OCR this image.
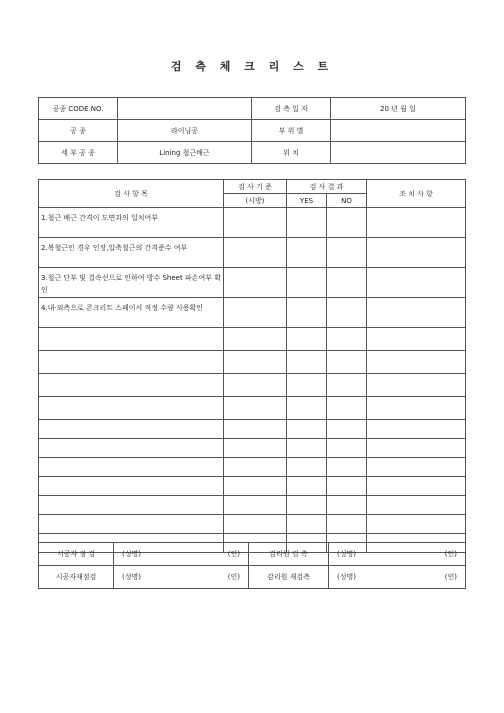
검 측 체 크 리 스 트
공종 CODE NO.		검 측 일 자	20 년 월 일
공 종	라이닝공	부 위 별	
세 부 공 종	Lining 철근배근	위 치	
검 사 항 목	검 사 기 준	검 사 결 과		조 치 사 항
	(시방)	YES	NO	
1.철근 배근 간격이 도면과의 일치여부				
2.복철근인 경우 인장,압축철근의 간격준수 여부				
3.철근 단부 및 결속선으로 인하여 방수 Sheet 파손여부 확인				
4.내·외측으로 콘크리트 스페이서 적정 수량 사용확인				

시공자 점 검	(성명) (인)	감리원 검 측	(성명) (인)

시공자재점검	(성명) (인)	감리원 재검측	(성명) (인)
